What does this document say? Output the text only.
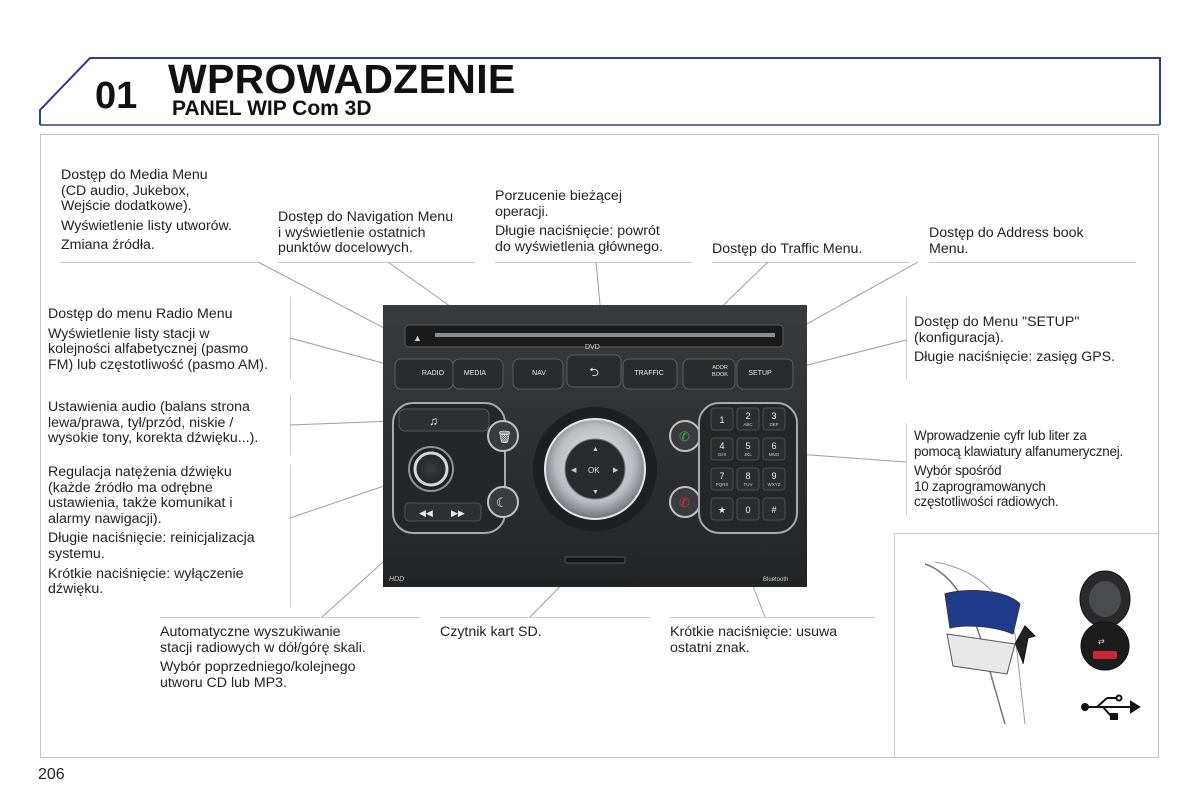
01 WPROWADZENIE
PANEL WIP Com 3D

Dostęp do Media Menu
(CD audio, Jukebox,
Wejście dodatkowe).

Wyświetlenie listy utworów.

Zmiana źródła.

Dostęp do Navigation Menu
i wyświetlenie ostatnich
punktów docelowych.

Porzucenie bieżącej
operacji.

Długie naciśnięcie: powrót
do wyświetlenia głównego.	Dostęp do Traffic Menu.

Dostęp do Address book
Menu.

Dostęp do menu Radio Menu

Wyświetlenie listy stacji w
kolejności alfabetycznej (pasmo
FM) lub częstotliwość (pasmo AM).

Dostęp do Menu "SETUP"
(konfiguracja).

Długie naciśnięcie: zasięg GPS.

Ustawienia audio (balans strona
lewa/prawa, tył/przód, niskie /
wysokie tony, korekta dźwięku...).	Wprowadzenie cyfr lub liter za
pomocą klawiatury alfanumerycznej.

Wybór spośród
10 zaprogramowanych
częstotliwości radiowych.

Regulacja natężenia dźwięku
(każde źródło ma odrębne
ustawienia, także komunikat i
alarmy nawigacji).

Długie naciśnięcie: reinicjalizacja
systemu.

Krótkie naciśnięcie: wyłączenie
dźwięku.

Automatyczne wyszukiwanie
stacji radiowych w dół/górę skali.

Wybór poprzedniego/kolejnego
utworu CD lub MP3.

Czytnik kart SD.	Krótkie naciśnięcie: usuwa
ostatni znak.

▲
DVD
RADIO	MEDIA	NAV	⮌	TRAFFIC
ADDR
BOOK	SETUP
♫
◀◀ ▶▶
🗑
☾
OK
▲
▼
◀	▶
✆
✆
1 2
ABC
3
DEF
4
GHI
5
JKL
6
MNO
7
PQRS
8
TUV
9
WXYZ
★ 0 #
HDD	Bluetooth
⇄
206
